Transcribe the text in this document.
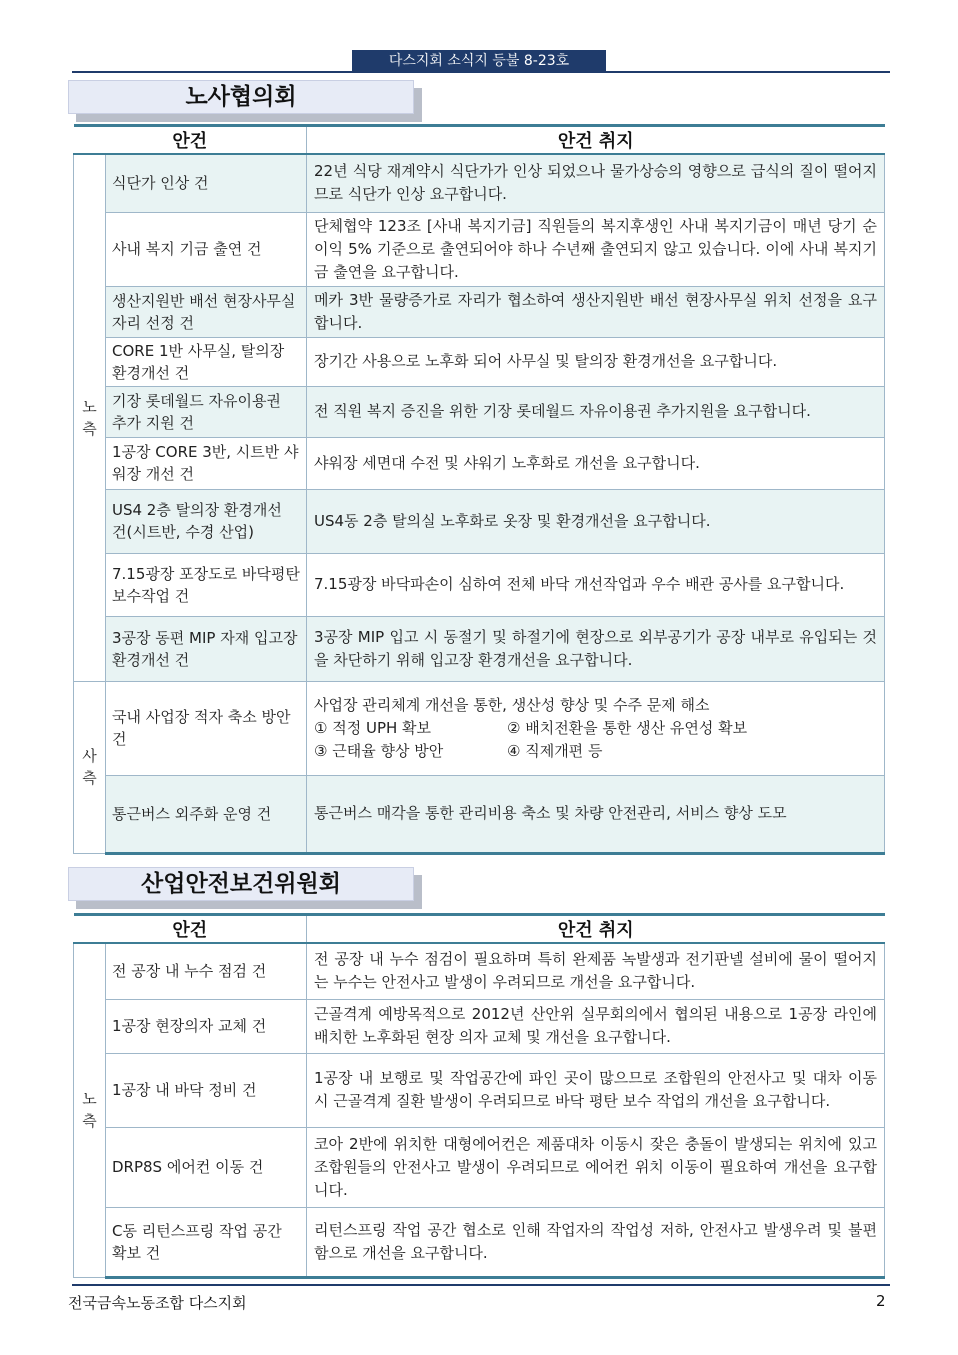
다스지회 소식지 등불 8-23호
노사협의회
안건		안건 취지
노측	식단가 인상 건	22년 식당 재계약시 식단가가 인상 되었으나 물가상승의 영향으로 급식의 질이 떨어지므로 식단가 인상 요구합니다.
	사내 복지 기금 출연 건	단체협약 123조 [사내 복지기금] 직원들의 복지후생인 사내 복지기금이 매년 당기 순이익 5% 기준으로 출연되어야 하나 수년째 출연되지 않고 있습니다. 이에 사내 복지기금 출연을 요구합니다.
	생산지원반 배선 현장사무실 자리 선정 건	메카 3반 물량증가로 자리가 협소하여 생산지원반 배선 현장사무실 위치 선정을 요구합니다.
	CORE 1반 사무실, 탈의장 환경개선 건	장기간 사용으로 노후화 되어 사무실 및 탈의장 환경개선을 요구합니다.
	기장 롯데월드 자유이용권 추가 지원 건	전 직원 복지 증진을 위한 기장 롯데월드 자유이용권 추가지원을 요구합니다.
	1공장 CORE 3반, 시트반 샤워장 개선 건	샤워장 세면대 수전 및 샤워기 노후화로 개선을 요구합니다.
	US4 2층 탈의장 환경개선 건(시트반, 수경 산업)	US4동 2층 탈의실 노후화로 옷장 및 환경개선을 요구합니다.
	7.15광장 포장도로 바닥평탄 보수작업 건	7.15광장 바닥파손이 심하여 전체 바닥 개선작업과 우수 배관 공사를 요구합니다.
	3공장 동편 MIP 자재 입고장 환경개선 건	3공장 MIP 입고 시 동절기 및 하절기에 현장으로 외부공기가 공장 내부로 유입되는 것을 차단하기 위해 입고장 환경개선을 요구합니다.
사측	국내 사업장 적자 축소 방안 건	사업장 관리체계 개선을 통한, 생산성 향상 및 수주 문제 해소
① 적정 UPH 확보 ② 배치전환을 통한 생산 유연성 확보
③ 근태율 향상 방안 ④ 직제개편 등

	통근버스 외주화 운영 건	통근버스 매각을 통한 관리비용 축소 및 차량 안전관리, 서비스 향상 도모
산업안전보건위원회
안건		안건 취지
노측	전 공장 내 누수 점검 건	전 공장 내 누수 점검이 필요하며 특히 완제품 녹발생과 전기판넬 설비에 물이 떨어지는 누수는 안전사고 발생이 우려되므로 개선을 요구합니다.
	1공장 현장의자 교체 건	근골격계 예방목적으로 2012년 산안위 실무회의에서 협의된 내용으로 1공장 라인에 배치한 노후화된 현장 의자 교체 및 개선을 요구합니다.
	1공장 내 바닥 정비 건	1공장 내 보행로 및 작업공간에 파인 곳이 많으므로 조합원의 안전사고 및 대차 이동 시 근골격계 질환 발생이 우려되므로 바닥 평탄 보수 작업의 개선을 요구합니다.
	DRP8S 에어컨 이동 건	코아 2반에 위치한 대형에어컨은 제품대차 이동시 잦은 충돌이 발생되는 위치에 있고 조합원들의 안전사고 발생이 우려되므로 에어컨 위치 이동이 필요하여 개선을 요구합니다.
	C동 리턴스프링 작업 공간 확보 건	리턴스프링 작업 공간 협소로 인해 작업자의 작업성 저하, 안전사고 발생우려 및 불편함으로 개선을 요구합니다.
전국금속노동조합 다스지회	2
